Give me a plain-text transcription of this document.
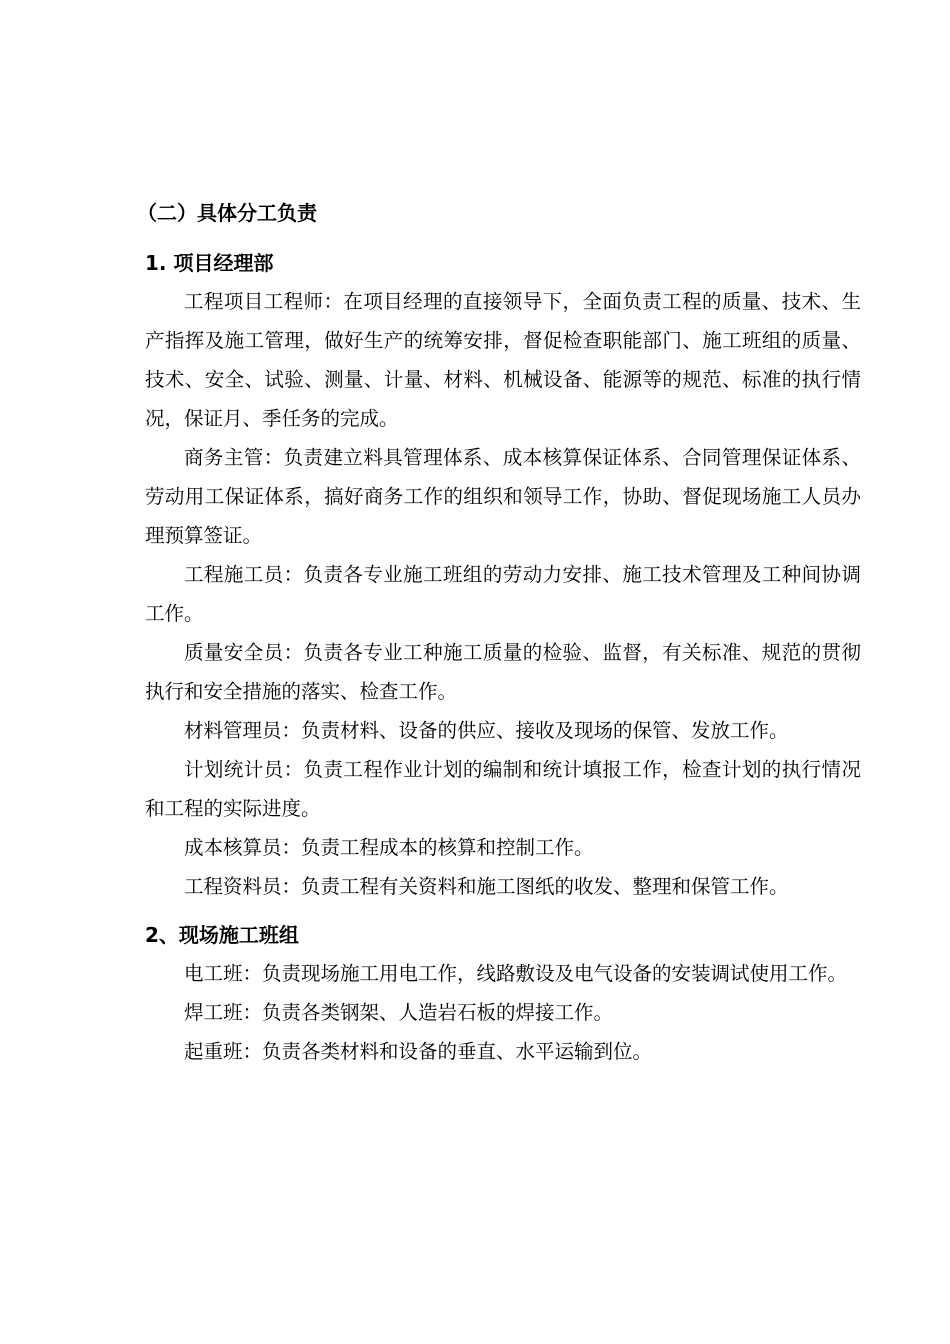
（二）具体分工负责
1. 项目经理部

工程项目工程师：在项目经理的直接领导下，全面负责工程的质量、技术、生产指挥及施工管理，做好生产的统筹安排，督促检查职能部门、施工班组的质量、技术、安全、试验、测量、计量、材料、机械设备、能源等的规范、标准的执行情况，保证月、季任务的完成。

商务主管：负责建立料具管理体系、成本核算保证体系、合同管理保证体系、劳动用工保证体系，搞好商务工作的组织和领导工作，协助、督促现场施工人员办理预算签证。

工程施工员：负责各专业施工班组的劳动力安排、施工技术管理及工种间协调工作。

质量安全员：负责各专业工种施工质量的检验、监督，有关标准、规范的贯彻执行和安全措施的落实、检查工作。

材料管理员：负责材料、设备的供应、接收及现场的保管、发放工作。

计划统计员：负责工程作业计划的编制和统计填报工作，检查计划的执行情况和工程的实际进度。

成本核算员：负责工程成本的核算和控制工作。

工程资料员：负责工程有关资料和施工图纸的收发、整理和保管工作。

2、现场施工班组

电工班：负责现场施工用电工作，线路敷设及电气设备的安装调试使用工作。

焊工班：负责各类钢架、人造岩石板的焊接工作。

起重班：负责各类材料和设备的垂直、水平运输到位。
